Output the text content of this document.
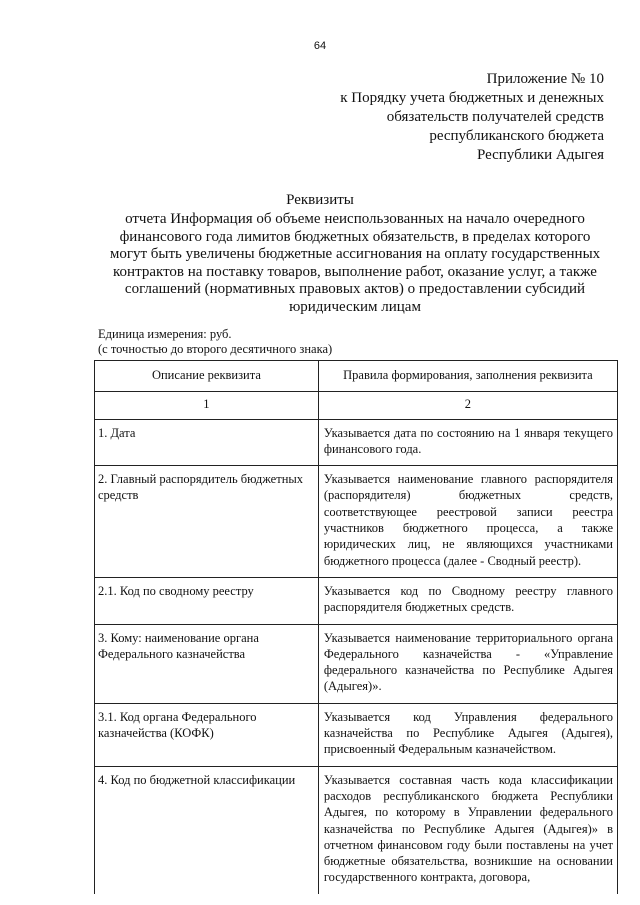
64
Приложение № 10
к Порядку учета бюджетных и денежных
обязательств получателей средств
республиканского бюджета
Республики Адыгея
Реквизиты
отчета Информация об объеме неиспользованных на начало очередного
финансового года лимитов бюджетных обязательств, в пределах которого
могут быть увеличены бюджетные ассигнования на оплату государственных
контрактов на поставку товаров, выполнение работ, оказание услуг, а также
соглашений (нормативных правовых актов) о предоставлении субсидий
юридическим лицам
Единица измерения: руб.
(с точностью до второго десятичного знака)
Описание реквизита	Правила формирования, заполнения реквизита
1	2
1. Дата	Указывается дата по состоянию на 1 января текущего финансового года.
2. Главный распорядитель бюджетных средств	Указывается наименование главного распорядителя (распорядителя) бюджетных средств, соответствующее реестровой записи реестра участников бюджетного процесса, а также юридических лиц, не являющихся участниками бюджетного процесса (далее - Сводный реестр).
2.1. Код по сводному реестру	Указывается код по Сводному реестру главного распорядителя бюджетных средств.
3. Кому: наименование органа Федерального казначейства	Указывается наименование территориального органа Федерального казначейства - «Управление федерального казначейства по Республике Адыгея (Адыгея)».
3.1. Код органа Федерального казначейства (КОФК)	Указывается код Управления федерального казначейства по Республике Адыгея (Адыгея), присвоенный Федеральным казначейством.
4. Код по бюджетной классификации	Указывается составная часть кода классификации расходов республиканского бюджета Республики Адыгея, по которому в Управлении федерального казначейства по Республике Адыгея (Адыгея)» в отчетном финансовом году были поставлены на учет бюджетные обязательства, возникшие на основании государственного контракта, договора,
